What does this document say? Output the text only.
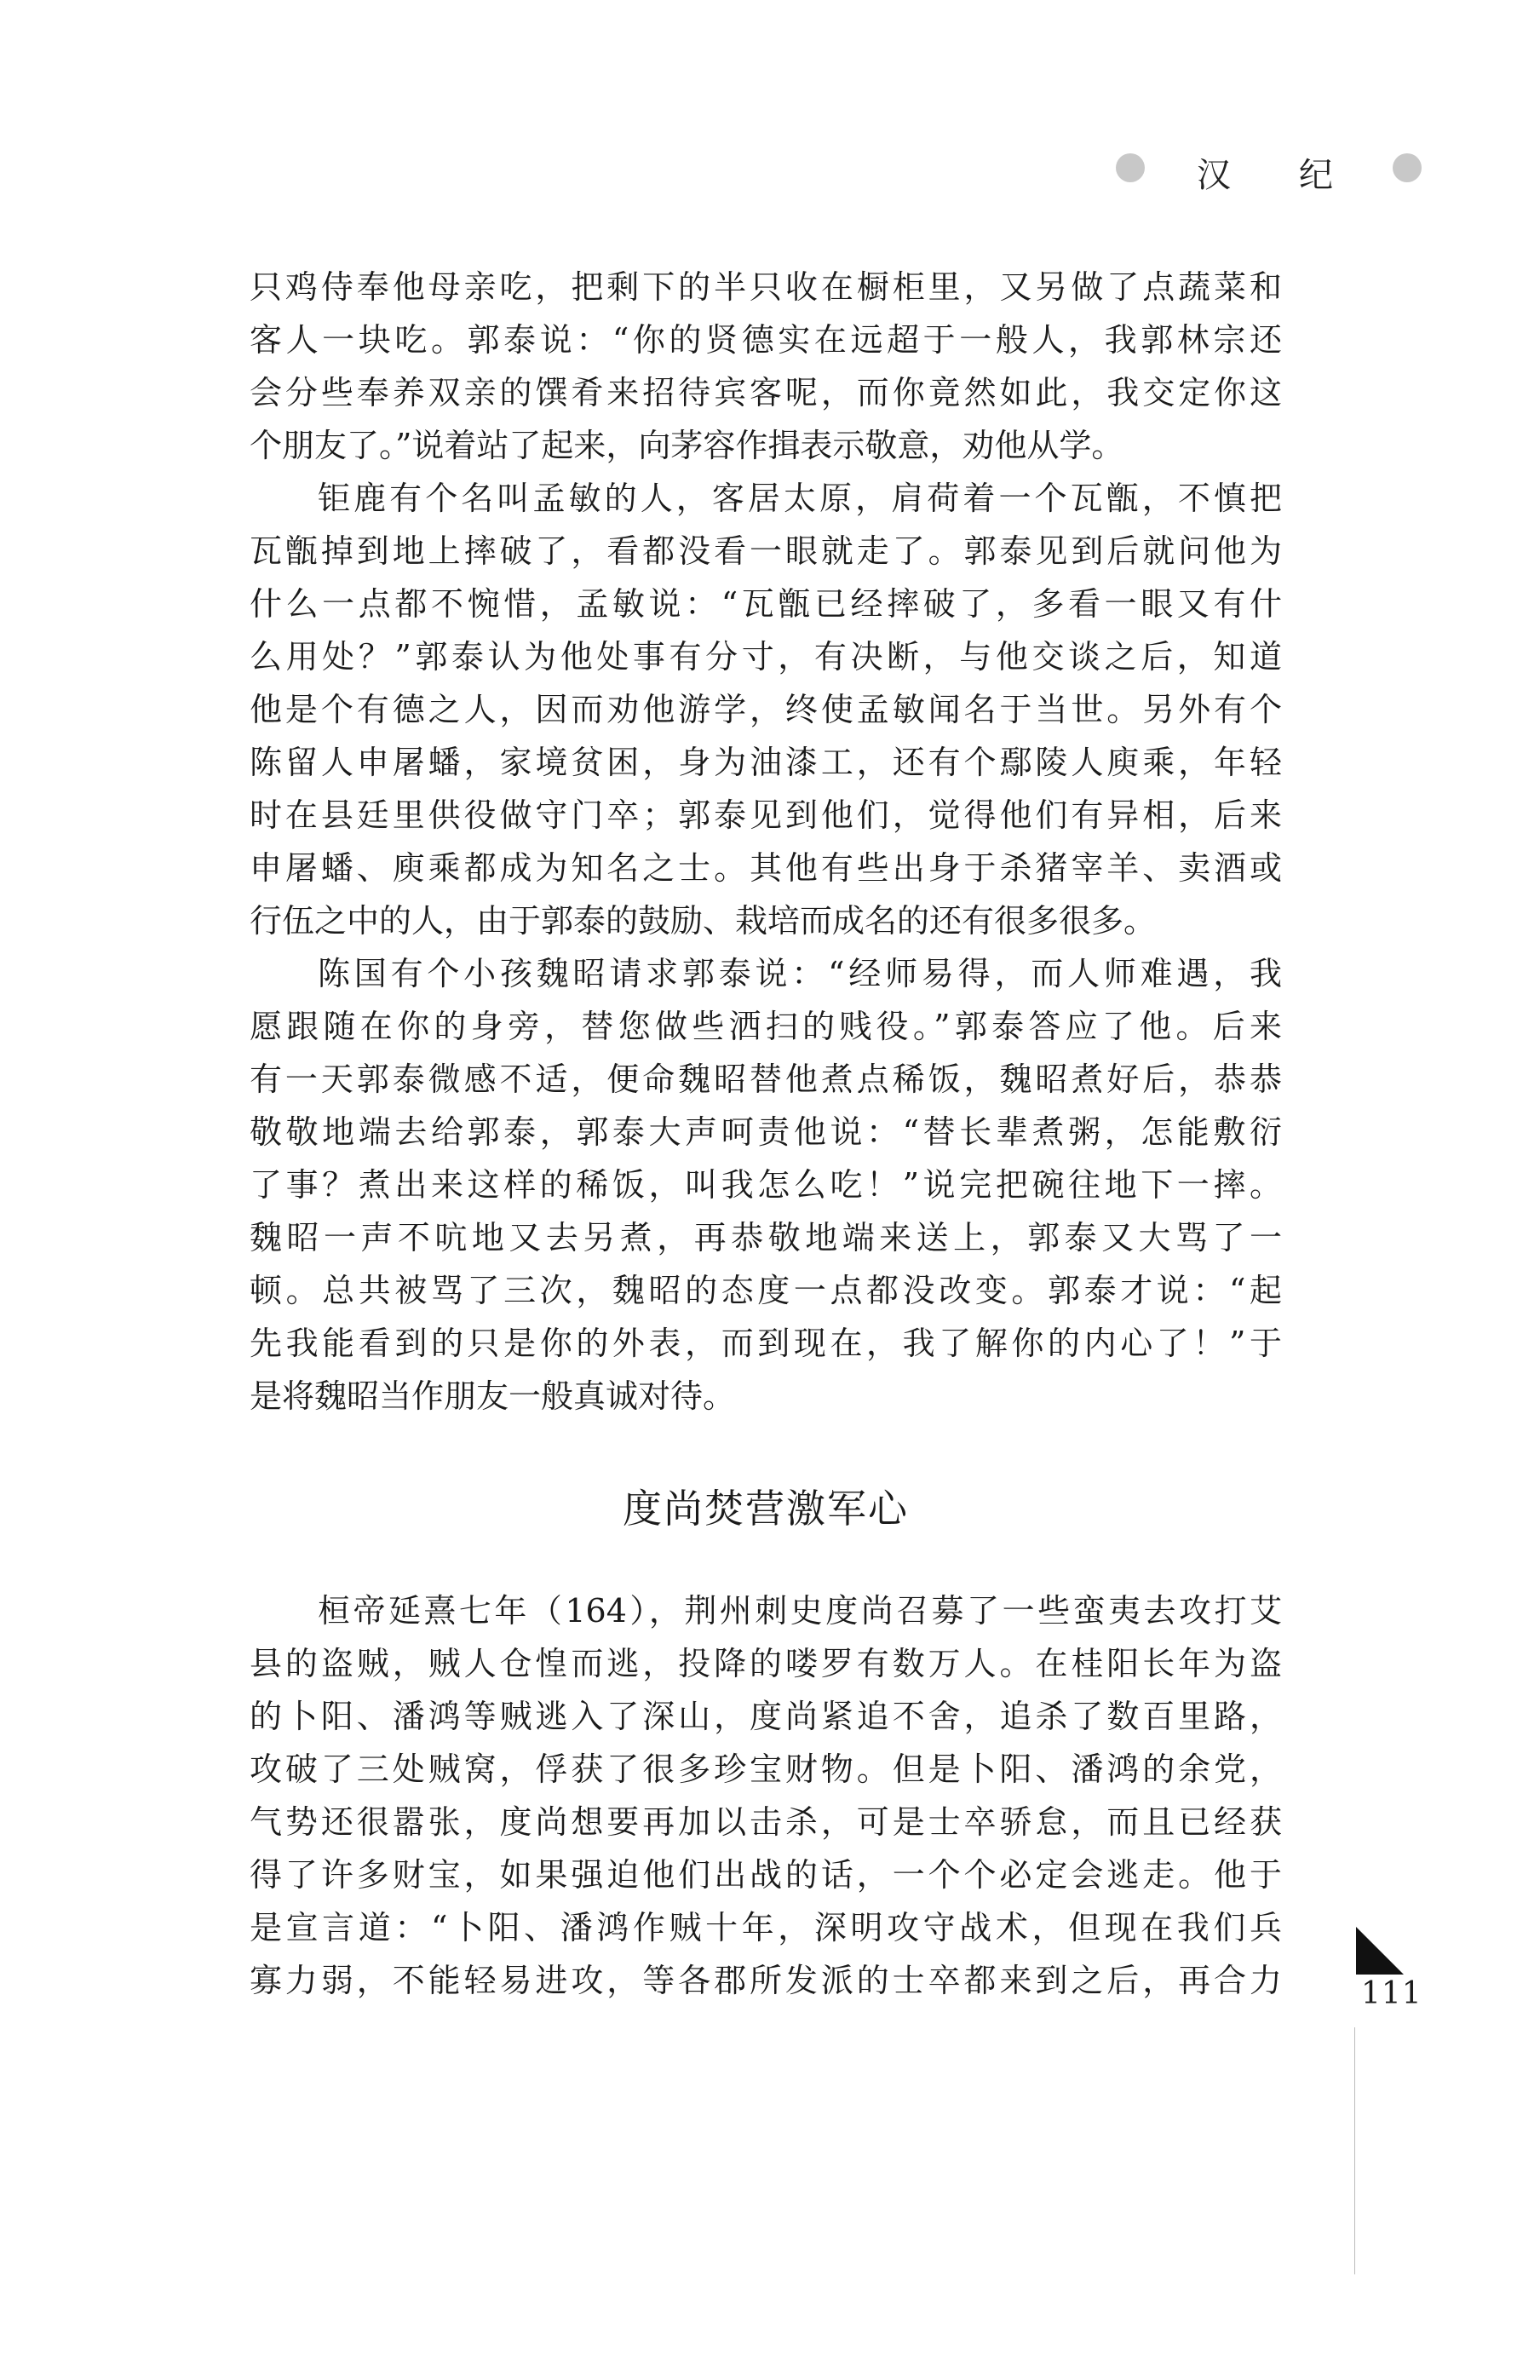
汉 纪
只鸡侍奉他母亲吃，把剩下的半只收在橱柜里，又另做了点蔬菜和
客人一块吃。郭泰说：“你的贤德实在远超于一般人，我郭林宗还
会分些奉养双亲的馔肴来招待宾客呢，而你竟然如此，我交定你这
个朋友了。”说着站了起来，向茅容作揖表示敬意，劝他从学。
钜鹿有个名叫孟敏的人，客居太原，肩荷着一个瓦甑，不慎把
瓦甑掉到地上摔破了，看都没看一眼就走了。郭泰见到后就问他为
什么一点都不惋惜，孟敏说：“瓦甑已经摔破了，多看一眼又有什
么用处？”郭泰认为他处事有分寸，有决断，与他交谈之后，知道
他是个有德之人，因而劝他游学，终使孟敏闻名于当世。另外有个
陈留人申屠蟠，家境贫困，身为油漆工，还有个鄢陵人庾乘，年轻
时在县廷里供役做守门卒；郭泰见到他们，觉得他们有异相，后来
申屠蟠、庾乘都成为知名之士。其他有些出身于杀猪宰羊、卖酒或
行伍之中的人，由于郭泰的鼓励、栽培而成名的还有很多很多。
陈国有个小孩魏昭请求郭泰说：“经师易得，而人师难遇，我
愿跟随在你的身旁，替您做些洒扫的贱役。”郭泰答应了他。后来
有一天郭泰微感不适，便命魏昭替他煮点稀饭，魏昭煮好后，恭恭
敬敬地端去给郭泰，郭泰大声呵责他说：“替长辈煮粥，怎能敷衍
了事？煮出来这样的稀饭，叫我怎么吃！”说完把碗往地下一摔。
魏昭一声不吭地又去另煮，再恭敬地端来送上，郭泰又大骂了一
顿。总共被骂了三次，魏昭的态度一点都没改变。郭泰才说：“起
先我能看到的只是你的外表，而到现在，我了解你的内心了！”于
是将魏昭当作朋友一般真诚对待。
度尚焚营激军心
桓帝延熹七年（164），荆州刺史度尚召募了一些蛮夷去攻打艾
县的盗贼，贼人仓惶而逃，投降的喽罗有数万人。在桂阳长年为盗
的卜阳、潘鸿等贼逃入了深山，度尚紧追不舍，追杀了数百里路，
攻破了三处贼窝，俘获了很多珍宝财物。但是卜阳、潘鸿的余党，
气势还很嚣张，度尚想要再加以击杀，可是士卒骄怠，而且已经获
得了许多财宝，如果强迫他们出战的话，一个个必定会逃走。他于
是宣言道：“卜阳、潘鸿作贼十年，深明攻守战术，但现在我们兵
寡力弱，不能轻易进攻，等各郡所发派的士卒都来到之后，再合力	111
